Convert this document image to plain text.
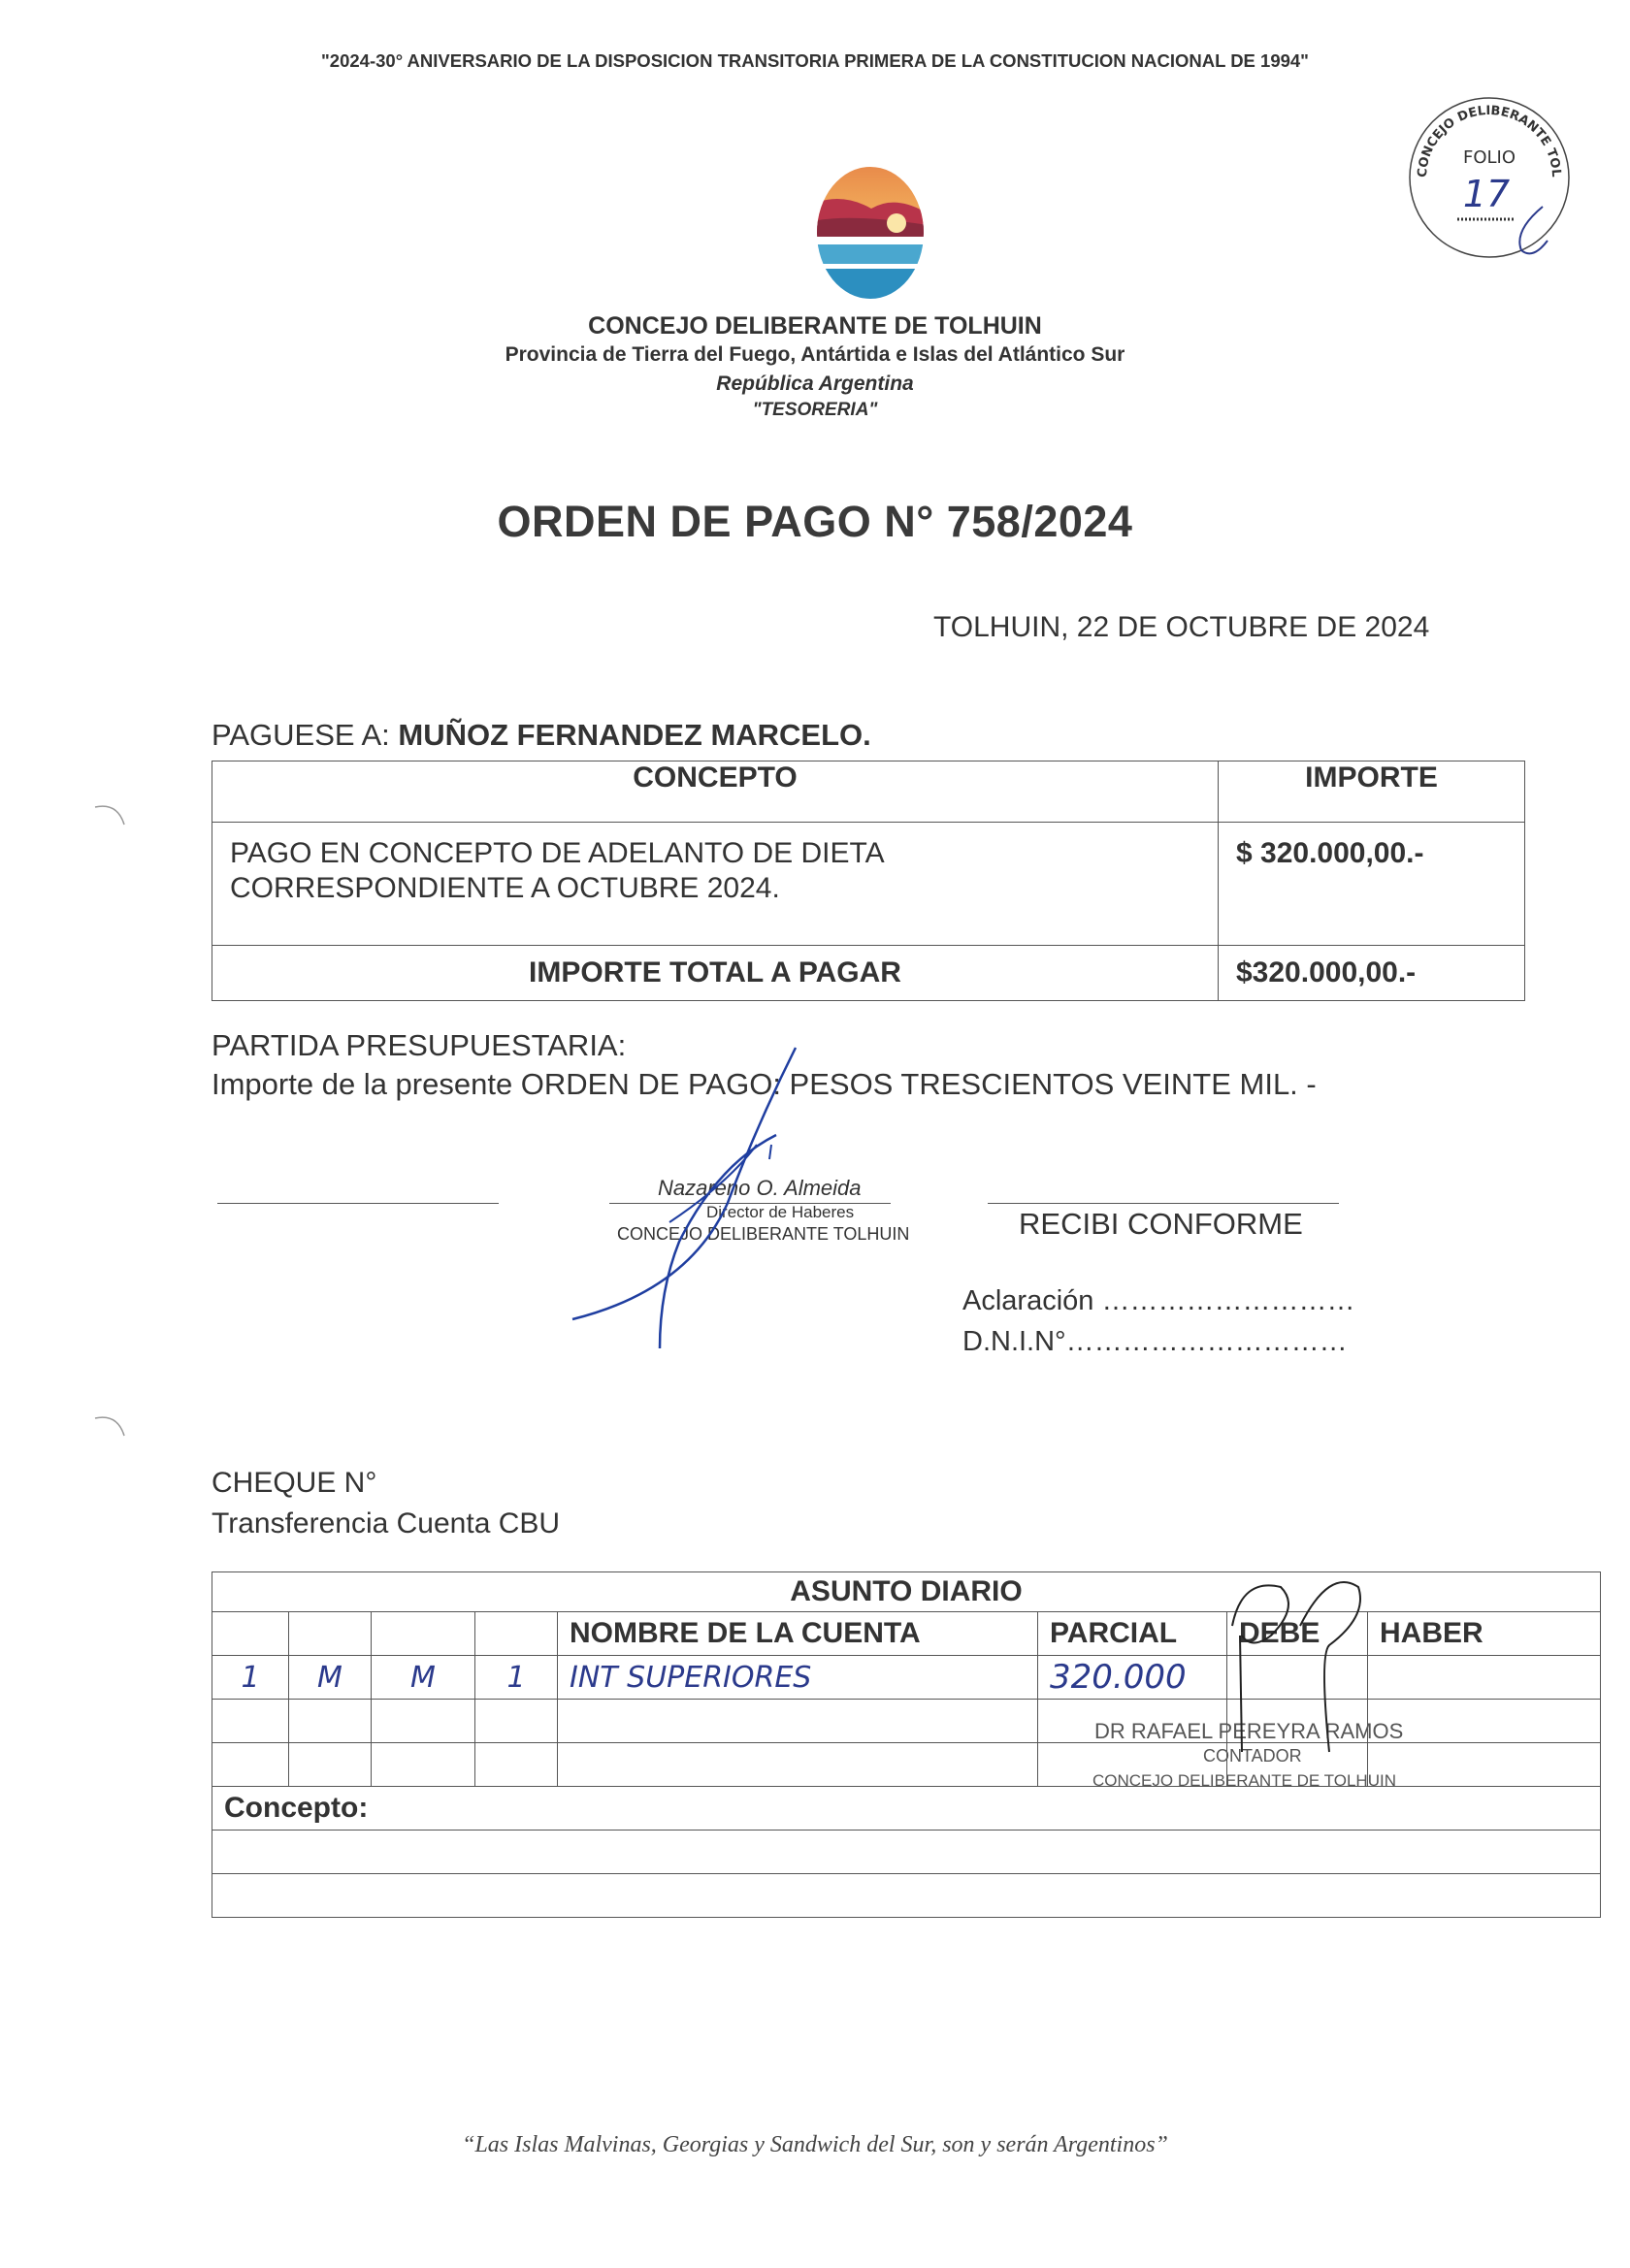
"2024-30° ANIVERSARIO DE LA DISPOSICION TRANSITORIA PRIMERA DE LA CONSTITUCION NACIONAL DE 1994"
CONCEJO DELIBERANTE TOL
FOLIO
17
CONCEJO DELIBERANTE DE TOLHUIN
Provincia de Tierra del Fuego, Antártida e Islas del Atlántico Sur
República Argentina
"TESORERIA"
ORDEN DE PAGO N° 758/2024
TOLHUIN, 22 DE OCTUBRE DE 2024
PAGUESE A: MUÑOZ FERNANDEZ MARCELO.
CONCEPTO	IMPORTE

PAGO EN CONCEPTO DE ADELANTO DE DIETA
CORRESPONDIENTE A OCTUBRE 2024.	$ 320.000,00.-
IMPORTE TOTAL A PAGAR	$320.000,00.-
PARTIDA PRESUPUESTARIA:
Importe de la presente ORDEN DE PAGO: PESOS TRESCIENTOS VEINTE MIL. -
Nazareno O. Almeida
Director de Haberes
CONCEJO DELIBERANTE TOLHUIN	RECIBI CONFORME
Aclaración ………………………
D.N.I.N°…………………………
CHEQUE N°
Transferencia Cuenta CBU
ASUNTO DIARIO							
				NOMBRE DE LA CUENTA	PARCIAL	DEBE	HABER
1	M	M	1	INT SUPERIORES	320.000		

Concepto:							

DR RAFAEL PEREYRA RAMOS
CONTADOR
CONCEJO DELIBERANTE DE TOLHUIN
“Las Islas Malvinas, Georgias y Sandwich del Sur, son y serán Argentinos”
